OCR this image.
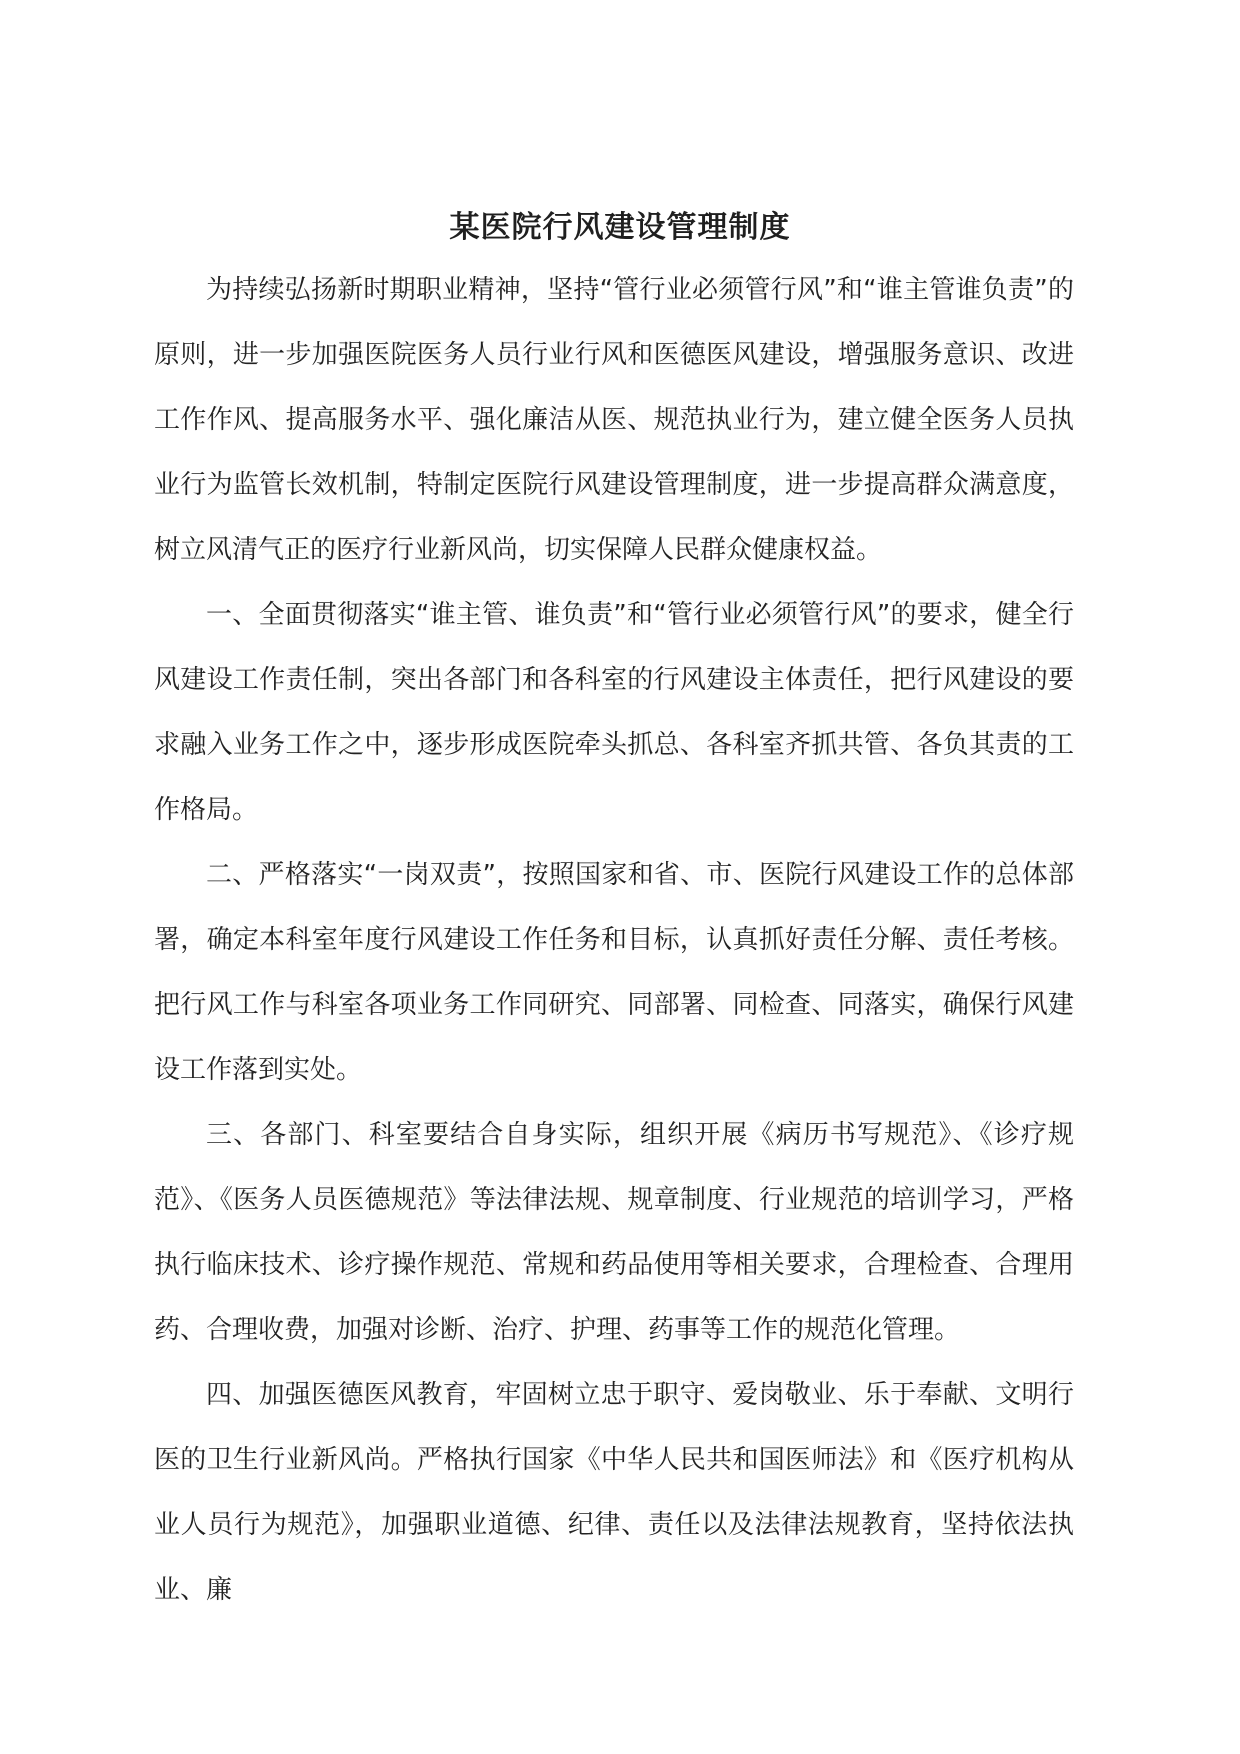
某医院行风建设管理制度

为持续弘扬新时期职业精神，坚持“管行业必须管行风”和“谁主管谁负责”的原则，进一步加强医院医务人员行业行风和医德医风建设，增强服务意识、改进工作作风、提高服务水平、强化廉洁从医、规范执业行为，建立健全医务人员执业行为监管长效机制，特制定医院行风建设管理制度，进一步提高群众满意度，树立风清气正的医疗行业新风尚，切实保障人民群众健康权益。

一、全面贯彻落实“谁主管、谁负责”和“管行业必须管行风”的要求，健全行风建设工作责任制，突出各部门和各科室的行风建设主体责任，把行风建设的要求融入业务工作之中，逐步形成医院牵头抓总、各科室齐抓共管、各负其责的工作格局。

二、严格落实“一岗双责”，按照国家和省、市、医院行风建设工作的总体部署，确定本科室年度行风建设工作任务和目标，认真抓好责任分解、责任考核。把行风工作与科室各项业务工作同研究、同部署、同检查、同落实，确保行风建设工作落到实处。

三、各部门、科室要结合自身实际，组织开展《病历书写规范》、《诊疗规范》、《医务人员医德规范》等法律法规、规章制度、行业规范的培训学习，严格执行临床技术、诊疗操作规范、常规和药品使用等相关要求，合理检查、合理用药、合理收费，加强对诊断、治疗、护理、药事等工作的规范化管理。

四、加强医德医风教育，牢固树立忠于职守、爱岗敬业、乐于奉献、文明行医的卫生行业新风尚。严格执行国家《中华人民共和国医师法》和《医疗机构从业人员行为规范》，加强职业道德、纪律、责任以及法律法规教育，坚持依法执业、廉
